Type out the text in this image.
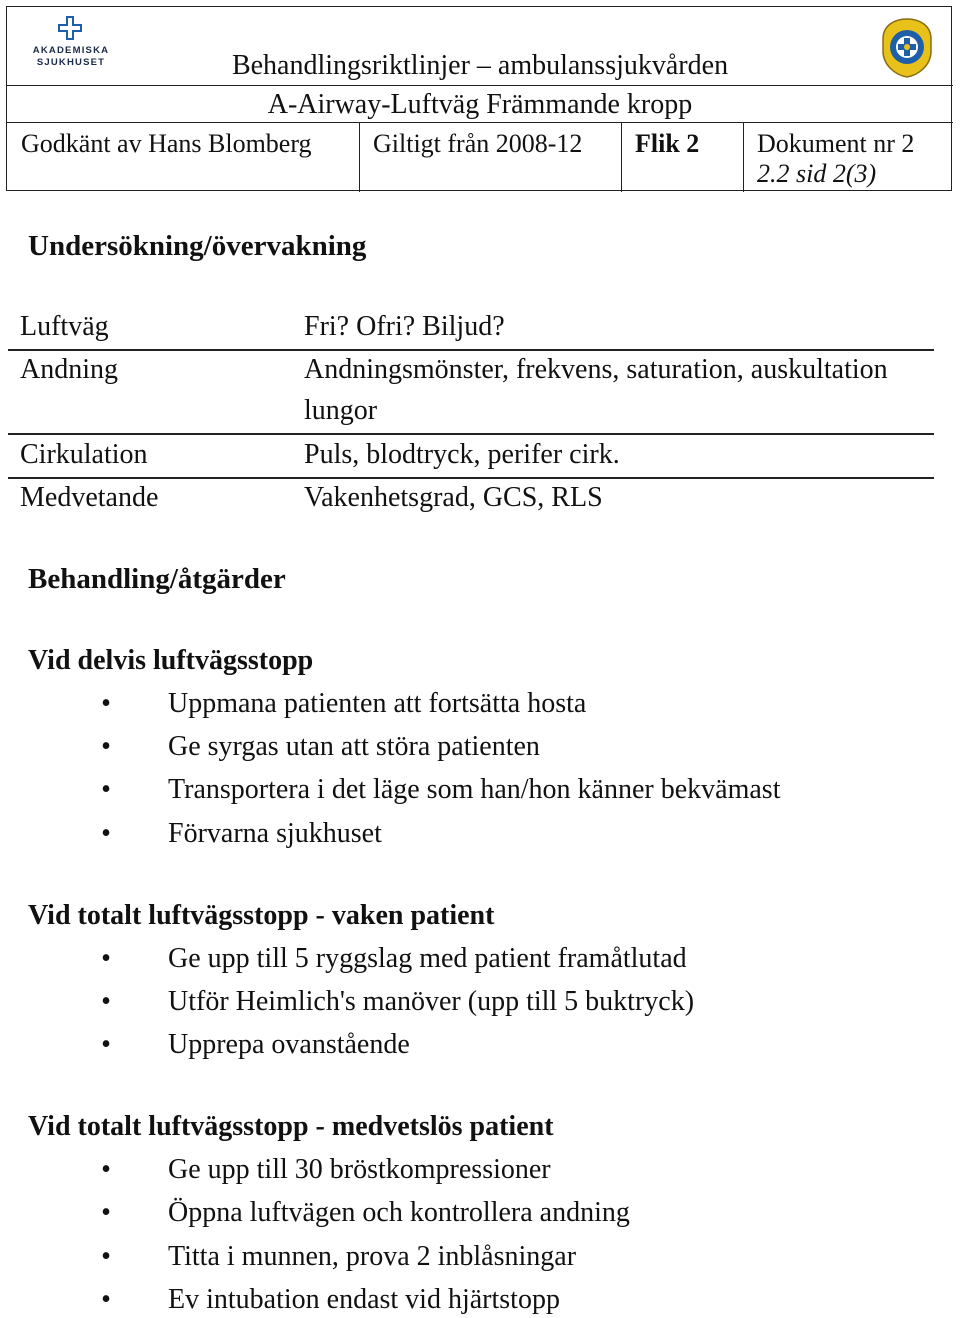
AKADEMISKA
SJUKHUSET	Behandlingsriktlinjer – ambulanssjukvården
A-Airway-Luftväg Främmande kropp
Godkänt av Hans Blomberg	Giltigt från 2008-12	Flik 2	Dokument nr 2
2.2 sid 2(3)
Undersökning/övervakning
Luftväg	Fri? Ofri? Biljud?
Andning	Andningsmönster, frekvens, saturation, auskultation lungor
Cirkulation	Puls, blodtryck, perifer cirk.
Medvetande	Vakenhetsgrad, GCS, RLS
Behandling/åtgärder
Vid delvis luftvägsstopp
• Uppmana patienten att fortsätta hosta
• Ge syrgas utan att störa patienten
• Transportera i det läge som han/hon känner bekvämast
• Förvarna sjukhuset
Vid totalt luftvägsstopp - vaken patient
• Ge upp till 5 ryggslag med patient framåtlutad
• Utför Heimlich's manöver (upp till 5 buktryck)
• Upprepa ovanstående
Vid totalt luftvägsstopp - medvetslös patient
• Ge upp till 30 bröstkompressioner
• Öppna luftvägen och kontrollera andning
• Titta i munnen, prova 2 inblåsningar
• Ev intubation endast vid hjärtstopp
